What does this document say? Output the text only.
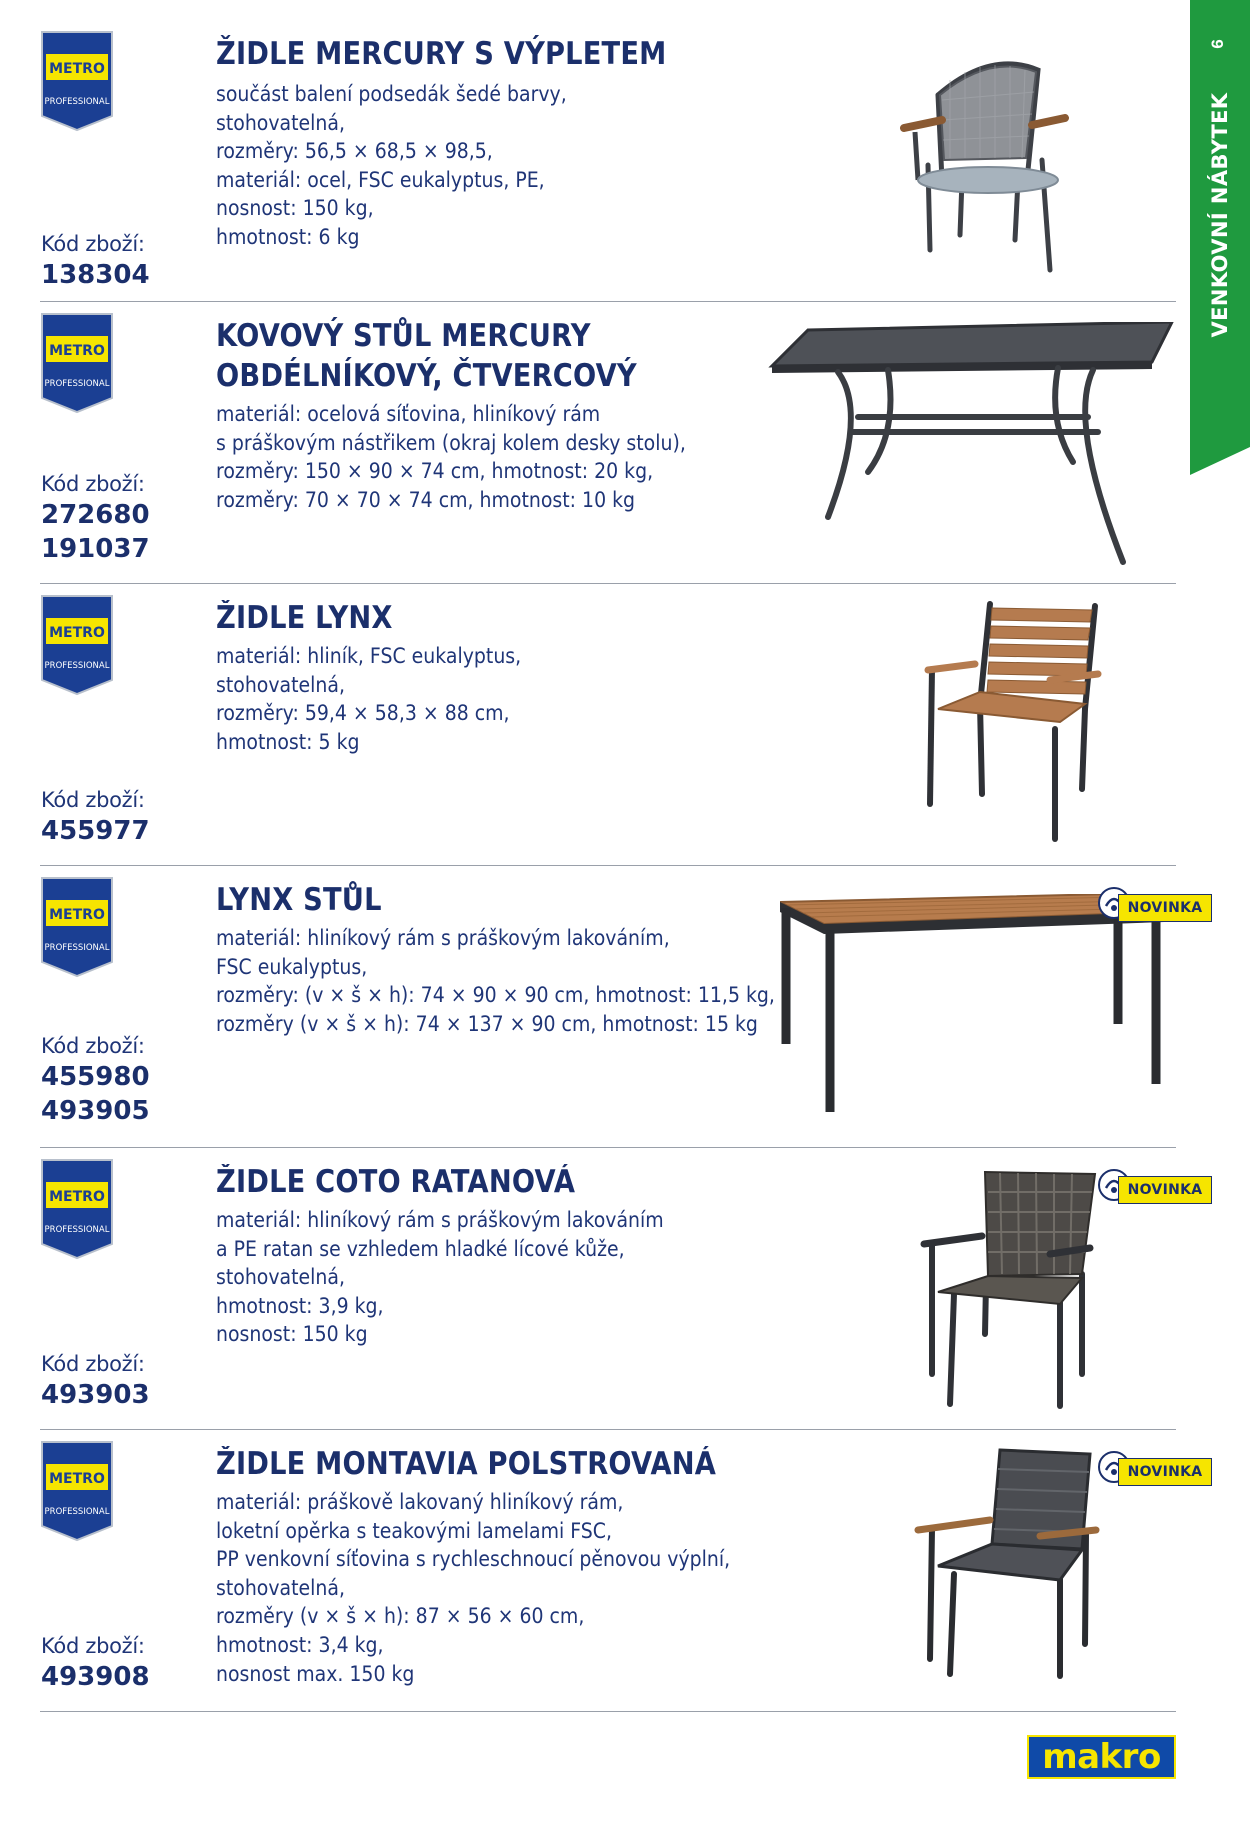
9
VENKOVNÍ NÁBYTEK
METRO
PROFESSIONAL
ŽIDLE MERCURY S VÝPLETEM
součást balení podsedák šedé barvy,
stohovatelná,
rozměry: 56,5 × 68,5 × 98,5,
materiál: ocel, FSC eukalyptus, PE,
nosnost: 150 kg,
hmotnost: 6 kg
Kód zboží:
138304
METRO
PROFESSIONAL
KOVOVÝ STŮL MERCURY
OBDÉLNÍKOVÝ, ČTVERCOVÝ
materiál: ocelová síťovina, hliníkový rám
s práškovým nástřikem (okraj kolem desky stolu),
rozměry: 150 × 90 × 74 cm, hmotnost: 20 kg,
rozměry: 70 × 70 × 74 cm, hmotnost: 10 kg
Kód zboží:
272680
191037
METRO
PROFESSIONAL
ŽIDLE LYNX
materiál: hliník, FSC eukalyptus,
stohovatelná,
rozměry: 59,4 × 58,3 × 88 cm,
hmotnost: 5 kg
Kód zboží:
455977
METRO
PROFESSIONAL
LYNX STŮL
materiál: hliníkový rám s práškovým lakováním,
FSC eukalyptus,
rozměry: (v × š × h): 74 × 90 × 90 cm, hmotnost: 11,5 kg,
rozměry (v × š × h): 74 × 137 × 90 cm, hmotnost: 15 kg
Kód zboží:
455980
493905
NOVINKA
METRO
PROFESSIONAL
ŽIDLE COTO RATANOVÁ
materiál: hliníkový rám s práškovým lakováním
a PE ratan se vzhledem hladké lícové kůže,
stohovatelná,
hmotnost: 3,9 kg,
nosnost: 150 kg
Kód zboží:
493903
NOVINKA
METRO
PROFESSIONAL
ŽIDLE MONTAVIA POLSTROVANÁ
materiál: práškově lakovaný hliníkový rám,
loketní opěrka s teakovými lamelami FSC,
PP venkovní síťovina s rychleschnoucí pěnovou výplní,
stohovatelná,
rozměry (v × š × h): 87 × 56 × 60 cm,
hmotnost: 3,4 kg,
nosnost max. 150 kg
Kód zboží:
493908
NOVINKA
makro
